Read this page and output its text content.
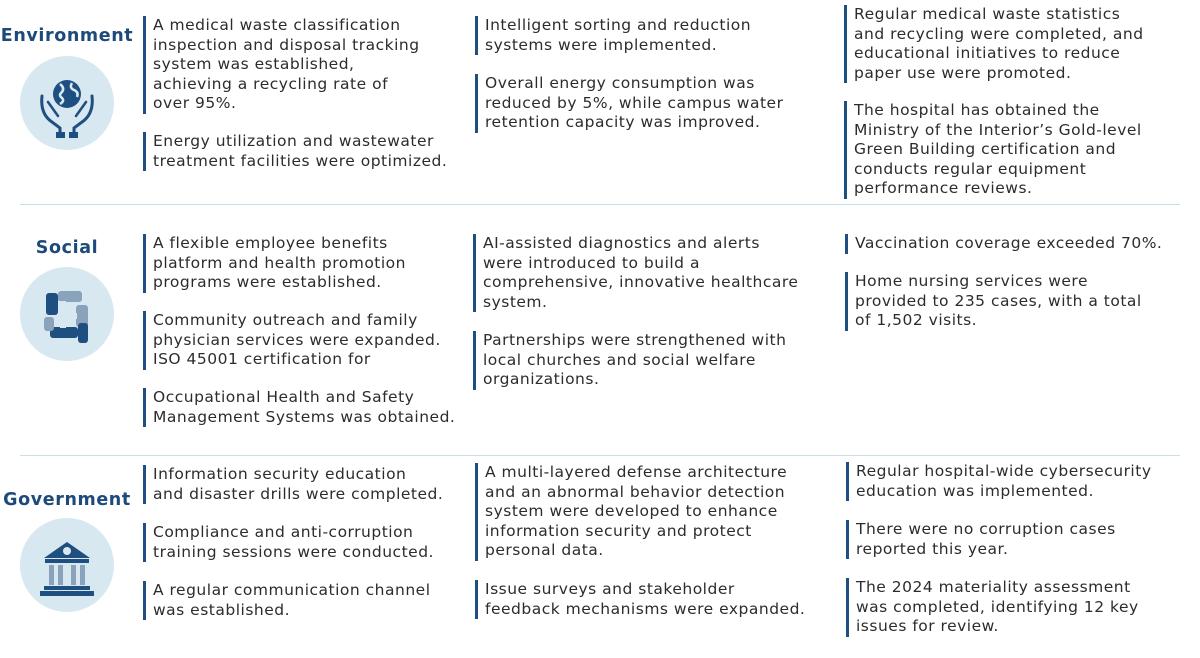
Environment
A medical waste classification
inspection and disposal tracking
system was established,
achieving a recycling rate of
over 95%.
Energy utilization and wastewater
treatment facilities were optimized.
Intelligent sorting and reduction
systems were implemented.
Overall energy consumption was
reduced by 5%, while campus water
retention capacity was improved.
Regular medical waste statistics
and recycling were completed, and
educational initiatives to reduce
paper use were promoted.
The hospital has obtained the
Ministry of the Interior’s Gold-level
Green Building certification and
conducts regular equipment
performance reviews.
Social	A flexible employee benefits
platform and health promotion
programs were established.
Community outreach and family
physician services were expanded.
ISO 45001 certification for
Occupational Health and Safety
Management Systems was obtained.
AI-assisted diagnostics and alerts
were introduced to build a
comprehensive, innovative healthcare
system.
Partnerships were strengthened with
local churches and social welfare
organizations.
Vaccination coverage exceeded 70%.
Home nursing services were
provided to 235 cases, with a total
of 1,502 visits.
Government
Information security education
and disaster drills were completed.
Compliance and anti-corruption
training sessions were conducted.
A regular communication channel
was established.
A multi-layered defense architecture
and an abnormal behavior detection
system were developed to enhance
information security and protect
personal data.
Issue surveys and stakeholder
feedback mechanisms were expanded.
Regular hospital-wide cybersecurity
education was implemented.
There were no corruption cases
reported this year.
The 2024 materiality assessment
was completed, identifying 12 key
issues for review.
